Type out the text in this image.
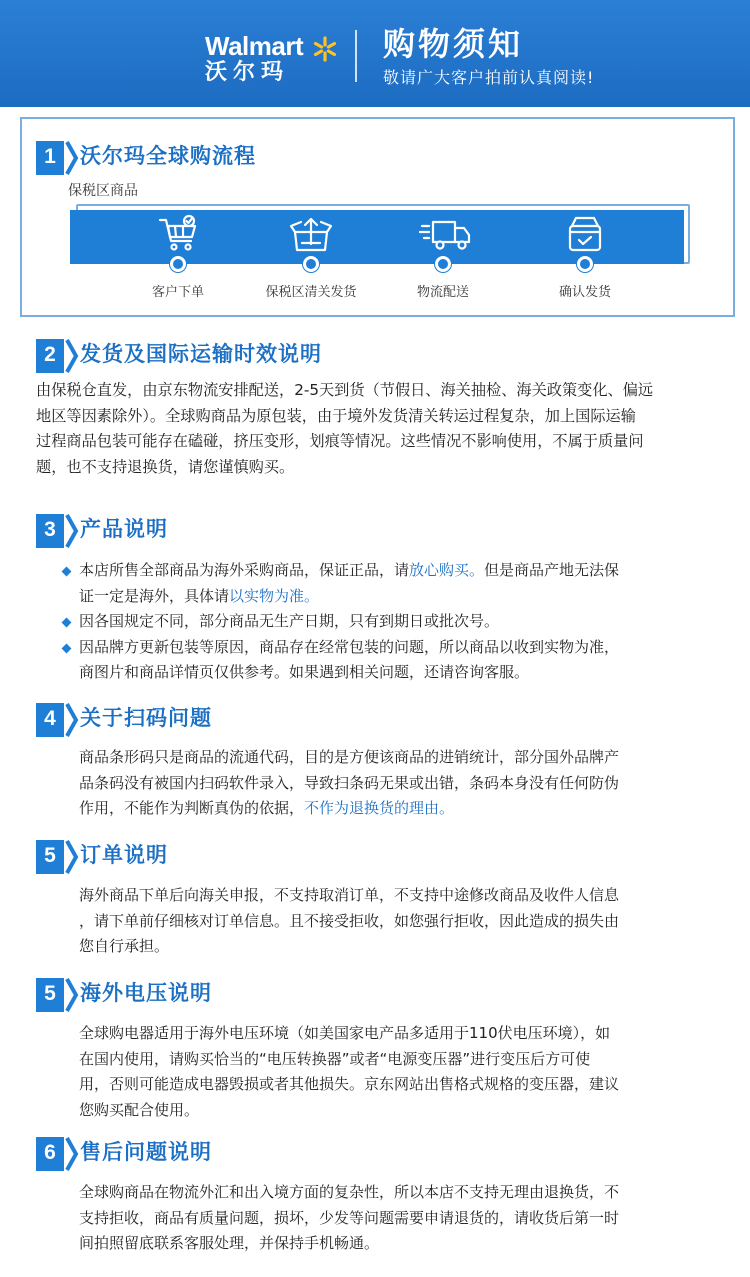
Walmart
沃尔玛
购物须知
敬请广大客户拍前认真阅读!
1	沃尔玛全球购流程
保税区商品
客户下单	保税区清关发货	物流配送	确认发货
2	发货及国际运输时效说明
由保税仓直发，由京东物流安排配送，2-5天到货（节假日、海关抽检、海关政策变化、偏远
地区等因素除外）。全球购商品为原包装，由于境外发货清关转运过程复杂，加上国际运输
过程商品包装可能存在磕碰，挤压变形，划痕等情况。这些情况不影响使用，不属于质量问
题，也不支持退换货，请您谨慎购买。
3	产品说明
本店所售全部商品为海外采购商品，保证正品，请放心购买。但是商品产地无法保
证一定是海外，具体请以实物为准。
因各国规定不同，部分商品无生产日期，只有到期日或批次号。
因品牌方更新包装等原因，商品存在经常包装的问题，所以商品以收到实物为准，
商图片和商品详情页仅供参考。如果遇到相关问题，还请咨询客服。
4	关于扫码问题
商品条形码只是商品的流通代码，目的是方便该商品的进销统计，部分国外品牌产
品条码没有被国内扫码软件录入，导致扫条码无果或出错，条码本身没有任何防伪
作用，不能作为判断真伪的依据，不作为退换货的理由。
5	订单说明
海外商品下单后向海关申报，不支持取消订单，不支持中途修改商品及收件人信息
，请下单前仔细核对订单信息。且不接受拒收，如您强行拒收，因此造成的损失由
您自行承担。
5	海外电压说明
全球购电器适用于海外电压环境（如美国家电产品多适用于110伏电压环境），如
在国内使用，请购买恰当的“电压转换器”或者“电源变压器”进行变压后方可使
用，否则可能造成电器毁损或者其他损失。京东网站出售格式规格的变压器，建议
您购买配合使用。
6	售后问题说明
全球购商品在物流外汇和出入境方面的复杂性，所以本店不支持无理由退换货，不
支持拒收，商品有质量问题，损坏，少发等问题需要申请退货的，请收货后第一时
间拍照留底联系客服处理，并保持手机畅通。
